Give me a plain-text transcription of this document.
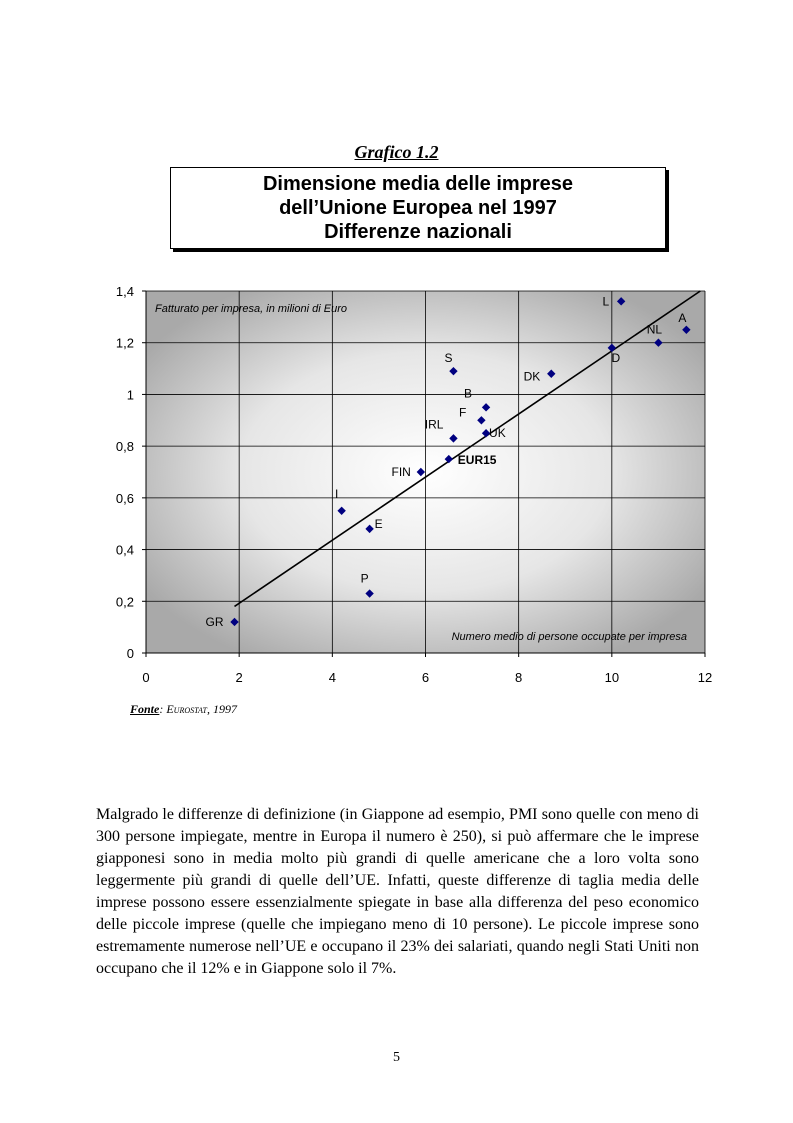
Grafico 1.2
Dimensione media delle imprese
dell’Unione Europea nel 1997
Differenze nazionali
0
0,2
0,4
0,6
0,8
1
1,2
1,4
0	2	4	6	8	10	12
Fatturato per impresa, in milioni di Euro
Numero medio di persone occupate per impresa
GR
P
E
I
FIN
EUR15
IRL
UK
F
B
S
DK
D
NL
A
L
Fonte: Eurostat, 1997
Malgrado le differenze di definizione (in Giappone ad esempio, PMI sono quelle con meno di 300 persone impiegate, mentre in Europa il numero è 250), si può affermare che le imprese giapponesi sono in media molto più grandi di quelle americane che a loro volta sono leggermente più grandi di quelle dell’UE. Infatti, queste differenze di taglia media delle imprese possono essere essenzialmente spiegate in base alla differenza del peso economico delle piccole imprese (quelle che impiegano meno di 10 persone). Le piccole imprese sono estremamente numerose nell’UE e occupano il 23% dei salariati, quando negli Stati Uniti non occupano che il 12% e in Giappone solo il 7%.
5
